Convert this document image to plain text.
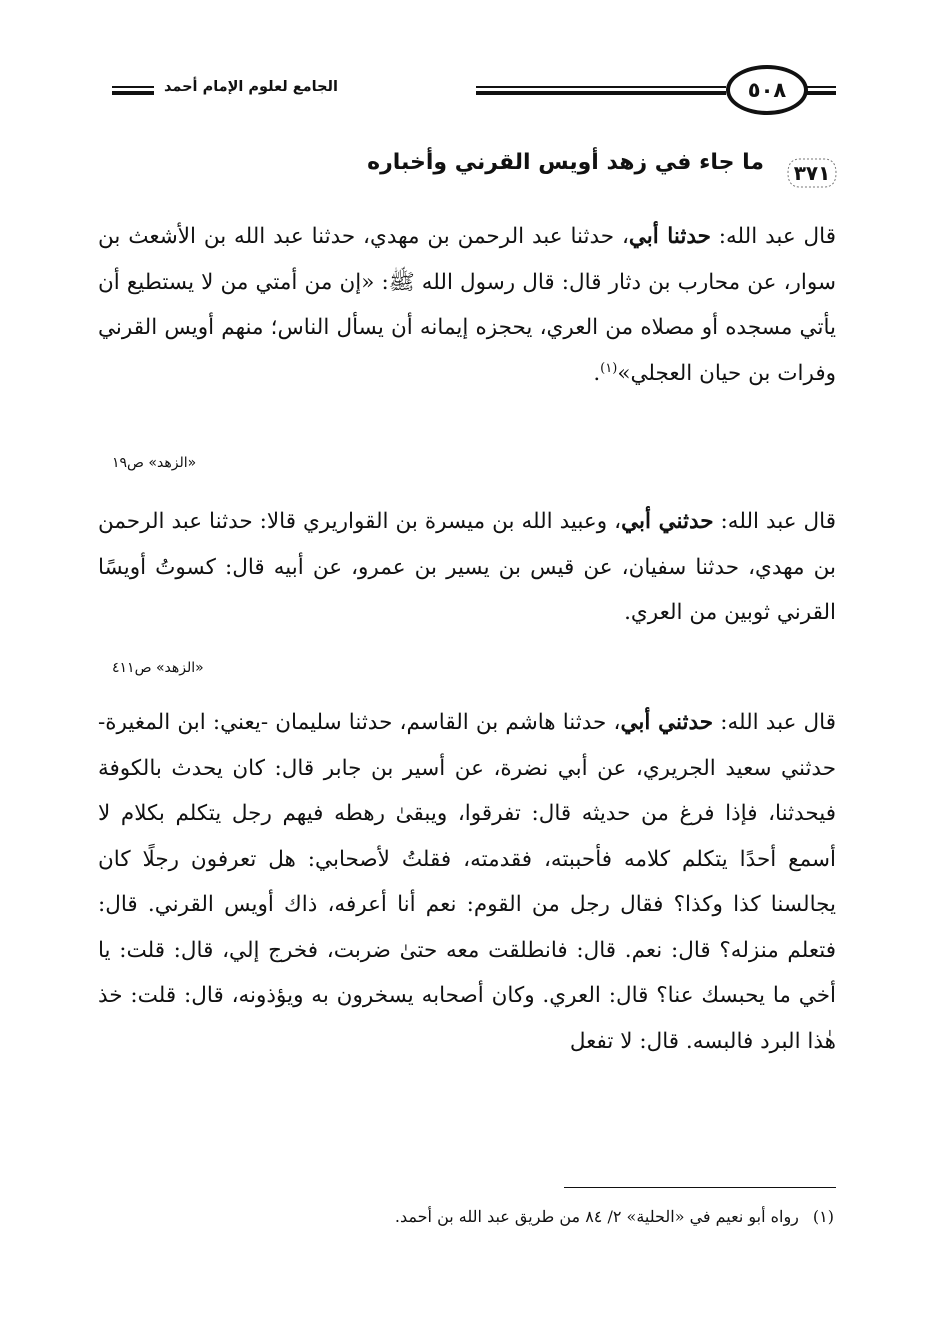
٥٠٨
الجامع لعلوم الإمام أحمد
٣٧١
ما جاء في زهد أويس القرني وأخباره
قال عبد الله: حدثنا أبي، حدثنا عبد الرحمن بن مهدي، حدثنا عبد الله بن الأشعث بن سوار، عن محارب بن دثار قال: قال رسول الله ﷺ: «إن من أمتي من لا يستطيع أن يأتي مسجده أو مصلاه من العري، يحجزه إيمانه أن يسأل الناس؛ منهم أويس القرني وفرات بن حيان العجلي»$^{(١)}$.
«الزهد» ص١٩
قال عبد الله: حدثني أبي، وعبيد الله بن ميسرة بن القواريري قالا: حدثنا عبد الرحمن بن مهدي، حدثنا سفيان، عن قيس بن يسير بن عمرو، عن أبيه قال: كسوتُ أويسًا القرني ثوبين من العري.
«الزهد» ص٤١١
قال عبد الله: حدثني أبي، حدثنا هاشم بن القاسم، حدثنا سليمان -يعني: ابن المغيرة- حدثني سعيد الجريري، عن أبي نضرة، عن أسير بن جابر قال: كان يحدث بالكوفة فيحدثنا، فإذا فرغ من حديثه قال: تفرقوا، ويبقىٰ رهطه فيهم رجل يتكلم بكلام لا أسمع أحدًا يتكلم كلامه فأحببته، فقدمته، فقلتُ لأصحابي: هل تعرفون رجلًا كان يجالسنا كذا وكذا؟ فقال رجل من القوم: نعم أنا أعرفه، ذاك أويس القرني. قال: فتعلم منزله؟ قال: نعم. قال: فانطلقت معه حتىٰ ضربت، فخرج إلي، قال: قلت: يا أخي ما يحبسك عنا؟ قال: العري. وكان أصحابه يسخرون به ويؤذونه، قال: قلت: خذ هٰذا البرد فالبسه. قال: لا تفعل
(١)رواه أبو نعيم في «الحلية» ٢/ ٨٤ من طريق عبد الله بن أحمد.
